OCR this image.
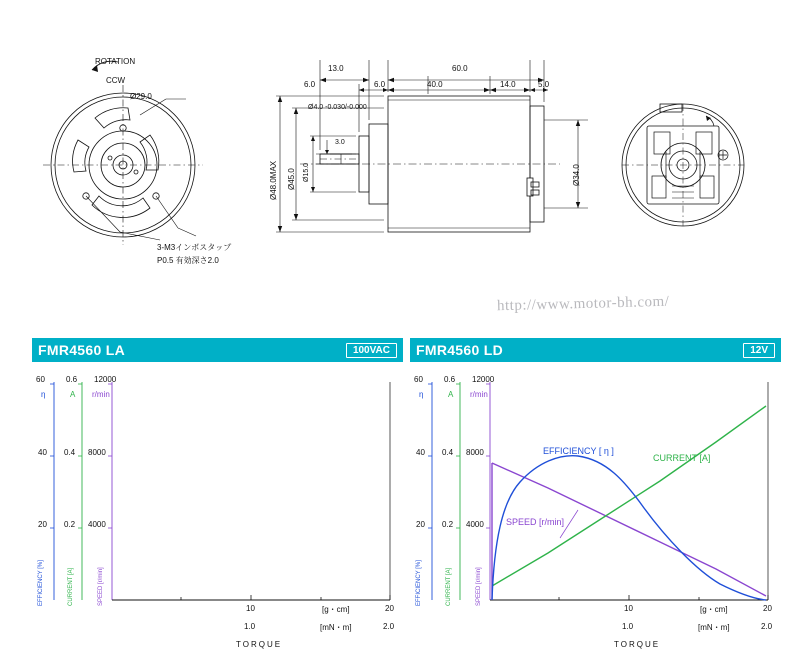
ROTATION
CCW
Ø29.0
3-M3インボスタップ
P0.5 有効深さ2.0
13.0	60.0
6.0	6.0	40.0	14.0	5.0
Ø48.0MAX Ø45.0 Ø15.0
Ø4.0 -0.030/-0.000
3.0
Ø34.0
http://www.motor-bh.com/
FMR4560 LA	100VAC
60	0.6 12000
η	A r/min
40
20
0.4
0.2
8000
4000
10	20
[g・cm]
1.0	2.0
[mN・m]
TORQUE
EFFICIENCY [%]	CURRENT [A]	SPEED [r/min]
FMR4560 LD	12V
EFFICIENCY [ η ]
CURRENT [A]
SPEED [r/min]
60	0.6 12000
η	A r/min
40
20
0.4
0.2
8000
4000
10	20
[g・cm]
1.0	2.0
[mN・m]
TORQUE
EFFICIENCY [%]	CURRENT [A]	SPEED [r/min]
